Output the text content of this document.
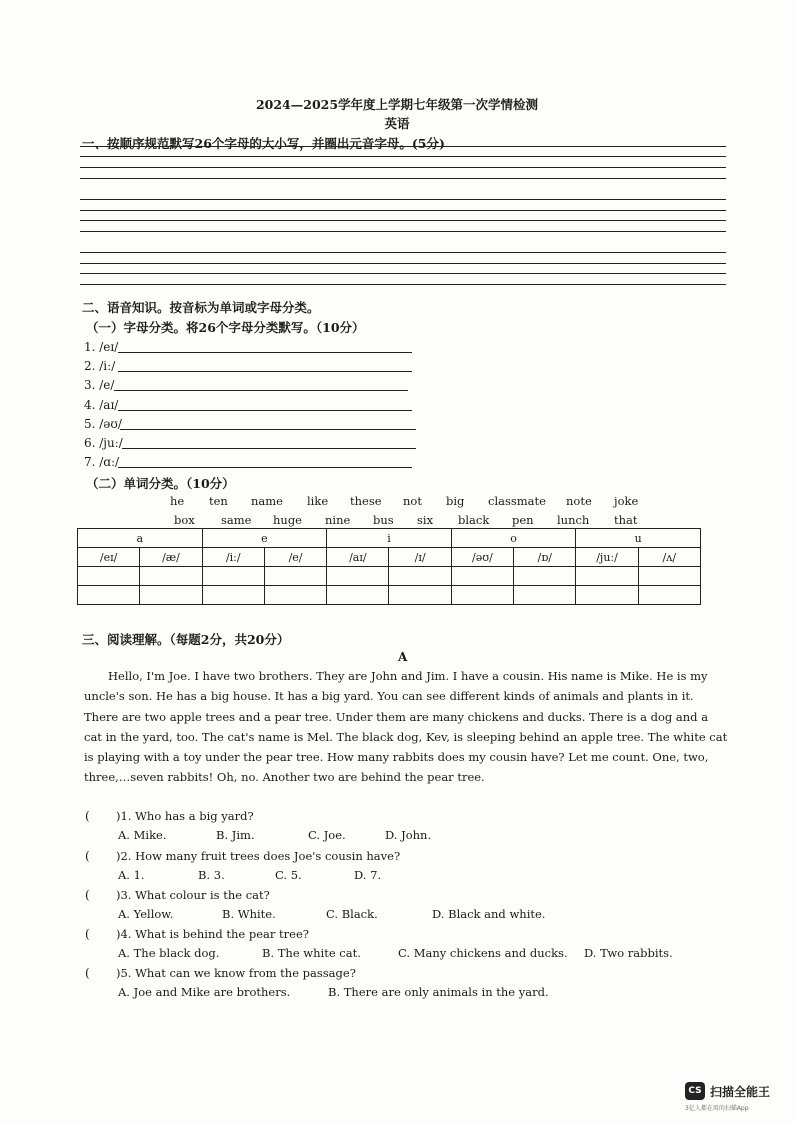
2024—2025学年度上学期七年级第一次学情检测
英语
一、按顺序规范默写26个字母的大小写，并圈出元音字母。(5分)
二、语音知识。按音标为单词或字母分类。
（一）字母分类。将26个字母分类默写。（10分）
1. /eɪ/
2. /iː/
3. /e/
4. /aɪ/
5. /əʊ/
6. /juː/
7. /ɑː/
（二）单词分类。（10分）
he ten name like these not big classmate note joke
box same huge nine bus six black pen lunch that
a		e		i		o		u	
/eɪ/	/æ/	/iː/	/e/	/aɪ/	/ɪ/	/əʊ/	/ɒ/	/juː/	/ʌ/

三、阅读理解。（每题2分，共20分）
A
Hello, I'm Joe. I have two brothers. They are John and Jim. I have a cousin. His name is Mike. He is my uncle's son. He has a big house. It has a big yard. You can see different kinds of animals and plants in it. There are two apple trees and a pear tree. Under them are many chickens and ducks. There is a dog and a cat in the yard, too. The cat's name is Mel. The black dog, Kev, is sleeping behind an apple tree. The white cat is playing with a toy under the pear tree. How many rabbits does my cousin have? Let me count. One, two, three,…seven rabbits! Oh, no. Another two are behind the pear tree.
( )1. Who has a big yard?
A. Mike.	B. Jim.	C. Joe.	D. John.
( )2. How many fruit trees does Joe's cousin have?
A. 1.	B. 3.	C. 5.	D. 7.
( )3. What colour is the cat?
A. Yellow.	B. White.	C. Black.	D. Black and white.
( )4. What is behind the pear tree?
A. The black dog.	B. The white cat.	C. Many chickens and ducks. D. Two rabbits.
( )5. What can we know from the passage?
A. Joe and Mike are brothers.	B. There are only animals in the yard.
CS 扫描全能王
3亿人都在用的扫描App
